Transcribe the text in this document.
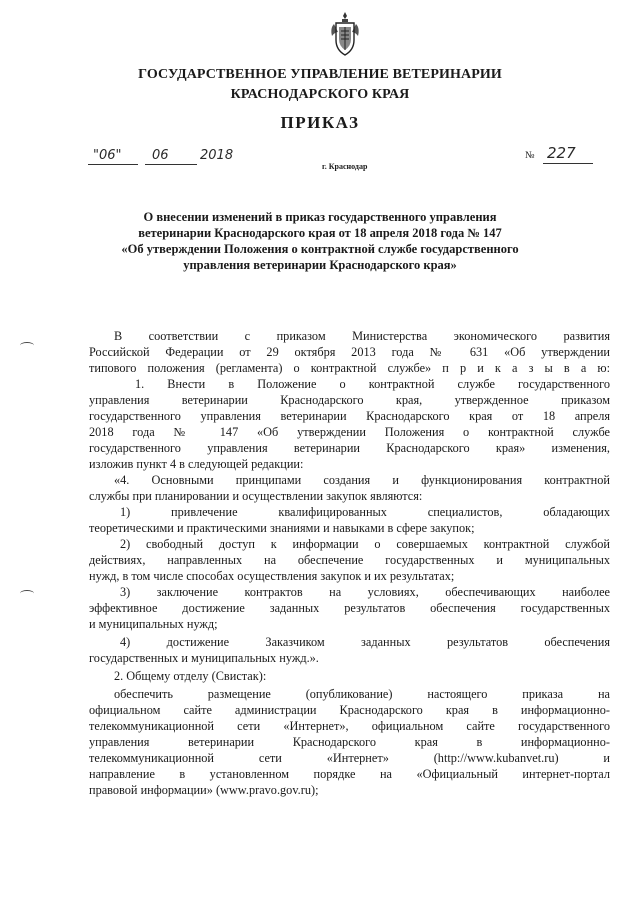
ГОСУДАРСТВЕННОЕ УПРАВЛЕНИЕ ВЕТЕРИНАРИИ
КРАСНОДАРСКОГО КРАЯ
ПРИКАЗ
"06" 06 2018	№ 227
г. Краснодар
О внесении изменений в приказ государственного управления
ветеринарии Краснодарского края от 18 апреля 2018 года № 147
«Об утверждении Положения о контрактной службе государственного
управления ветеринарии Краснодарского края»
В соответствии с приказом Министерства экономического развития
Российской Федерации от 29 октября 2013 года № 631 «Об утверждении
типового положения (регламента) о контрактной службе» п р и к а з ы в а ю:
1. Внести в Положение о контрактной службе государственного
управления ветеринарии Краснодарского края, утвержденное приказом
государственного управления ветеринарии Краснодарского края от 18 апреля
2018 года № 147 «Об утверждении Положения о контрактной службе
государственного управления ветеринарии Краснодарского края» изменения,
изложив пункт 4 в следующей редакции:
«4. Основными принципами создания и функционирования контрактной
службы при планировании и осуществлении закупок являются:
1) привлечение квалифицированных специалистов, обладающих
теоретическими и практическими знаниями и навыками в сфере закупок;
2) свободный доступ к информации о совершаемых контрактной службой
действиях, направленных на обеспечение государственных и муниципальных
нужд, в том числе способах осуществления закупок и их результатах;
3) заключение контрактов на условиях, обеспечивающих наиболее
эффективное достижение заданных результатов обеспечения государственных
и муниципальных нужд;
4) достижение Заказчиком заданных результатов обеспечения
государственных и муниципальных нужд.».
2. Общему отделу (Свистак):
обеспечить размещение (опубликование) настоящего приказа на
официальном сайте администрации Краснодарского края в информационно-
телекоммуникационной сети «Интернет», официальном сайте государственного
управления ветеринарии Краснодарского края в информационно-
телекоммуникационной сети «Интернет» (http://www.kubanvet.ru) и
направление в установленном порядке на «Официальный интернет-портал
правовой информации» (www.pravo.gov.ru);
